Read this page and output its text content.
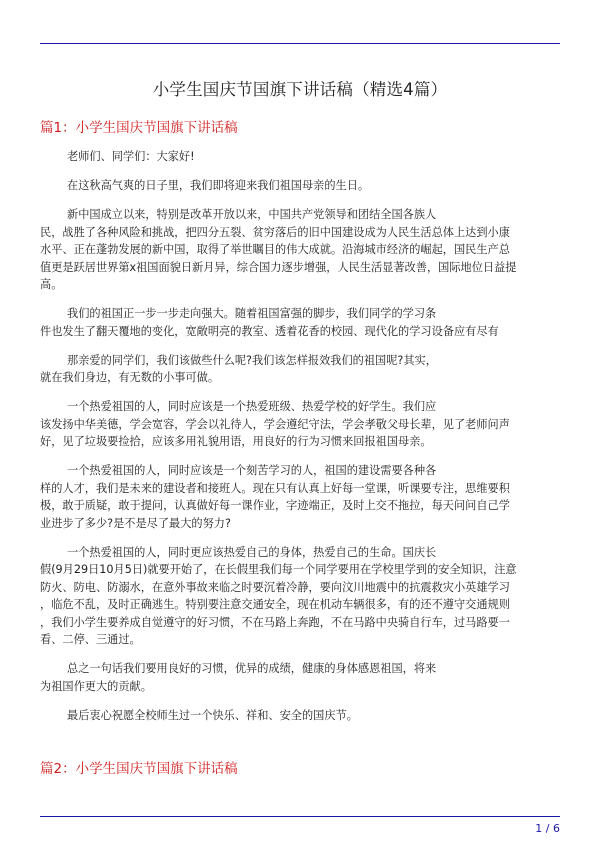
小学生国庆节国旗下讲话稿（精选4篇）
篇1：小学生国庆节国旗下讲话稿

老师们、同学们：大家好!

在这秋高气爽的日子里，我们即将迎来我们祖国母亲的生日。

新中国成立以来，特别是改革开放以来，中国共产党领导和团结全国各族人
民，战胜了各种风险和挑战，把四分五裂、贫穷落后的旧中国建设成为人民生活总体上达到小康
水平、正在蓬勃发展的新中国，取得了举世瞩目的伟大成就。沿海城市经济的崛起，国民生产总
值更是跃居世界第x祖国面貌日新月异，综合国力逐步增强，人民生活显著改善，国际地位日益提
高。

我们的祖国正一步一步走向强大。随着祖国富强的脚步，我们同学的学习条
件也发生了翻天覆地的变化，宽敞明亮的教室、透着花香的校园、现代化的学习设备应有尽有

那亲爱的同学们，我们该做些什么呢?我们该怎样报效我们的祖国呢?其实，
就在我们身边，有无数的小事可做。

一个热爱祖国的人，同时应该是一个热爱班级、热爱学校的好学生。我们应
该发扬中华美德，学会宽容，学会以礼待人，学会遵纪守法，学会孝敬父母长辈，见了老师问声
好，见了垃圾要捡拾，应该多用礼貌用语，用良好的行为习惯来回报祖国母亲。

一个热爱祖国的人，同时应该是一个刻苦学习的人，祖国的建设需要各种各
样的人才，我们是未来的建设者和接班人。现在只有认真上好每一堂课，听课要专注，思维要积
极，敢于质疑，敢于提问，认真做好每一课作业，字迹端正，及时上交不拖拉，每天问问自己学
业进步了多少?是不是尽了最大的努力?

一个热爱祖国的人，同时更应该热爱自己的身体，热爱自己的生命。国庆长
假(9月29日10月5日)就要开始了，在长假里我们每一个同学要用在学校里学到的安全知识，注意
防火、防电、防溺水，在意外事故来临之时要沉着冷静，要向汶川地震中的抗震救灾小英雄学习
，临危不乱，及时正确逃生。特别要注意交通安全，现在机动车辆很多，有的还不遵守交通规则
，我们小学生要养成自觉遵守的好习惯，不在马路上奔跑，不在马路中央骑自行车，过马路要一
看、二停、三通过。

总之一句话我们要用良好的习惯，优异的成绩，健康的身体感恩祖国，将来
为祖国作更大的贡献。

最后衷心祝愿全校师生过一个快乐、祥和、安全的国庆节。

篇2：小学生国庆节国旗下讲话稿
1 / 6
